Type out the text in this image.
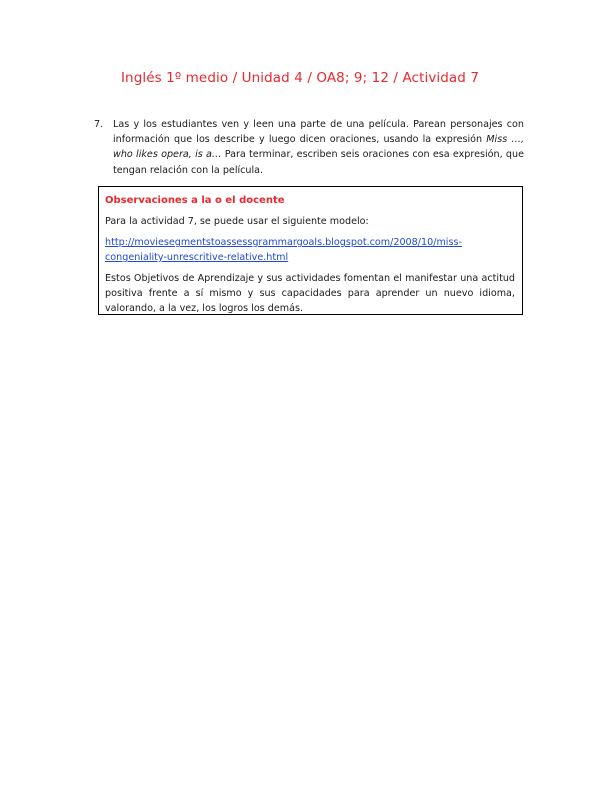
Inglés 1º medio / Unidad 4 / OA8; 9; 12 / Actividad 7
7.	Las y los estudiantes ven y leen una parte de una película. Parean personajes con información que los describe y luego dicen oraciones, usando la expresión Miss …, who likes opera, is a… Para terminar, escriben seis oraciones con esa expresión, que tengan relación con la película.
Observaciones a la o el docente

Para la actividad 7, se puede usar el siguiente modelo:

http://moviesegmentstoassessgrammargoals.blogspot.com/2008/10/miss-congeniality-unrescritive-relative.html

Estos Objetivos de Aprendizaje y sus actividades fomentan el manifestar una actitud positiva frente a sí mismo y sus capacidades para aprender un nuevo idioma, valorando, a la vez, los logros los demás.
